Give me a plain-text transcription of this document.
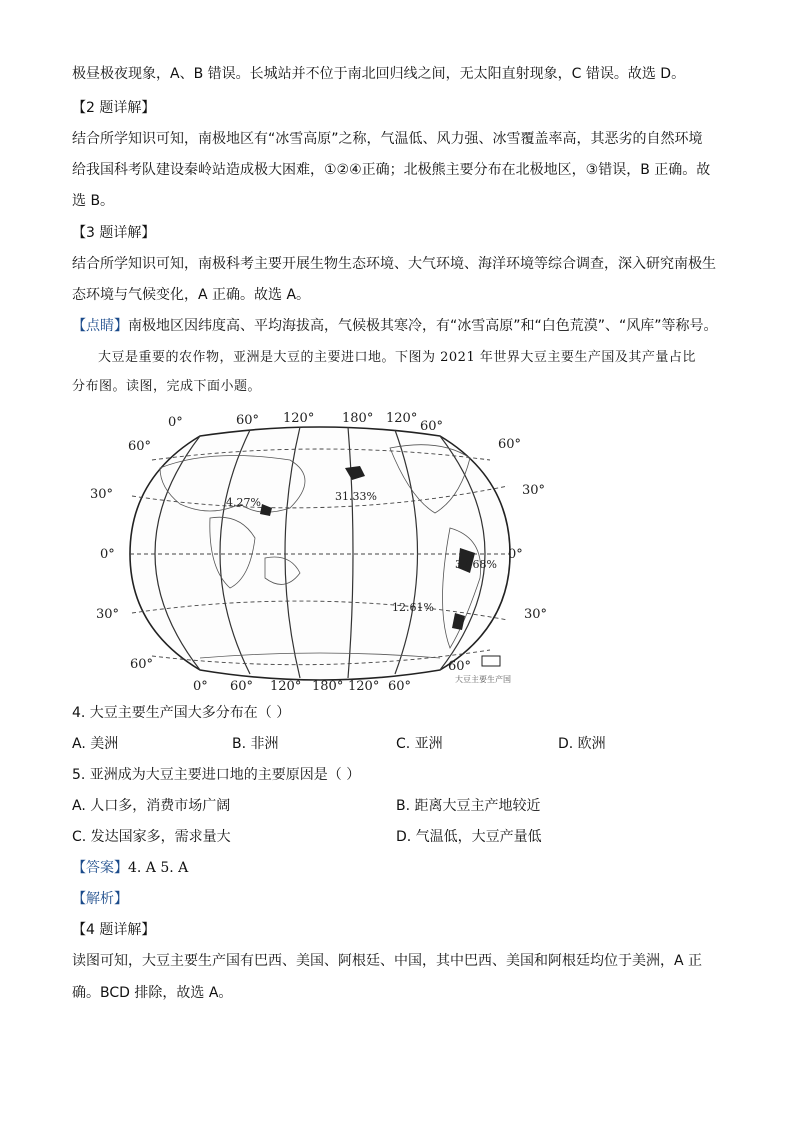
极昼极夜现象，A、B 错误。长城站并不位于南北回归线之间，无太阳直射现象，C 错误。故选 D。
【2 题详解】
结合所学知识可知，南极地区有“冰雪高原”之称，气温低、风力强、冰雪覆盖率高，其恶劣的自然环境
给我国科考队建设秦岭站造成极大困难，①②④正确；北极熊主要分布在北极地区，③错误，B 正确。故
选 B。
【3 题详解】
结合所学知识可知，南极科考主要开展生物生态环境、大气环境、海洋环境等综合调查，深入研究南极生
态环境与气候变化，A 正确。故选 A。
【点睛】南极地区因纬度高、平均海拔高，气候极其寒冷，有“冰雪高原”和“白色荒漠”、“风库”等称号。
大豆是重要的农作物，亚洲是大豆的主要进口地。下图为 2021 年世界大豆主要生产国及其产量占比
分布图。读图，完成下面小题。
0°	60° 120° 180° 120°
60°
0° 60° 120° 180° 120° 60°
60°
30°
0°
30°
60°
60°
30°
0°
30°
60°
4.27%	31.33%
37.68%
12.61%
大豆主要生产国
4. 大豆主要生产国大多分布在（ ）
A. 美洲	B. 非洲	C. 亚洲	D. 欧洲
5. 亚洲成为大豆主要进口地的主要原因是（ ）
A. 人口多，消费市场广阔	B. 距离大豆主产地较近
C. 发达国家多，需求量大	D. 气温低，大豆产量低
【答案】4. A 5. A
【解析】
【4 题详解】
读图可知，大豆主要生产国有巴西、美国、阿根廷、中国，其中巴西、美国和阿根廷均位于美洲，A 正
确。BCD 排除，故选 A。
